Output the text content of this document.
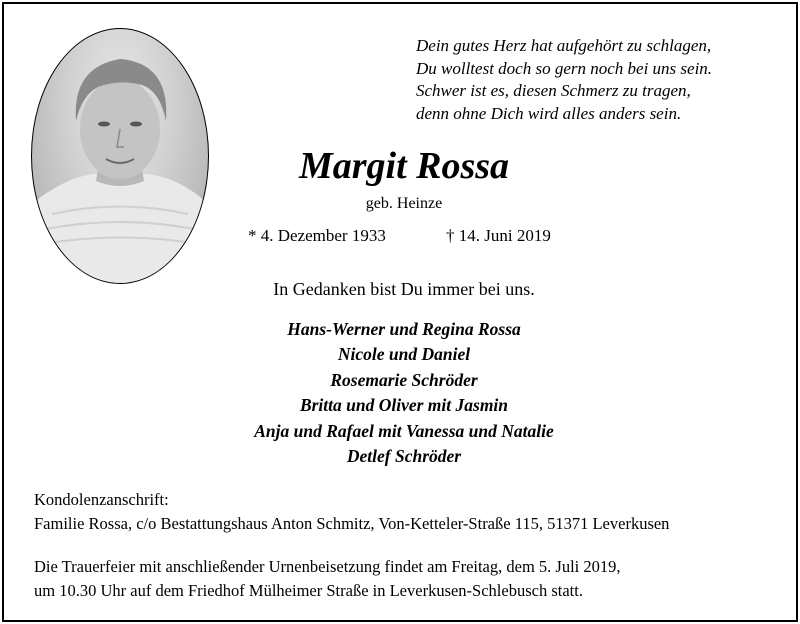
Dein gutes Herz hat aufgehört zu schlagen,
Du wolltest doch so gern noch bei uns sein.
Schwer ist es, diesen Schmerz zu tragen,
denn ohne Dich wird alles anders sein.
Margit Rossa
geb. Heinze
* 4. Dezember 1933	† 14. Juni 2019
In Gedanken bist Du immer bei uns.
Hans-Werner und Regina Rossa
Nicole und Daniel
Rosemarie Schröder
Britta und Oliver mit Jasmin
Anja und Rafael mit Vanessa und Natalie
Detlef Schröder
Kondolenzanschrift:
Familie Rossa, c/o Bestattungshaus Anton Schmitz, Von-Ketteler-Straße 115, 51371 Leverkusen
Die Trauerfeier mit anschließender Urnenbeisetzung findet am Freitag, dem 5. Juli 2019,
um 10.30 Uhr auf dem Friedhof Mülheimer Straße in Leverkusen-Schlebusch statt.
